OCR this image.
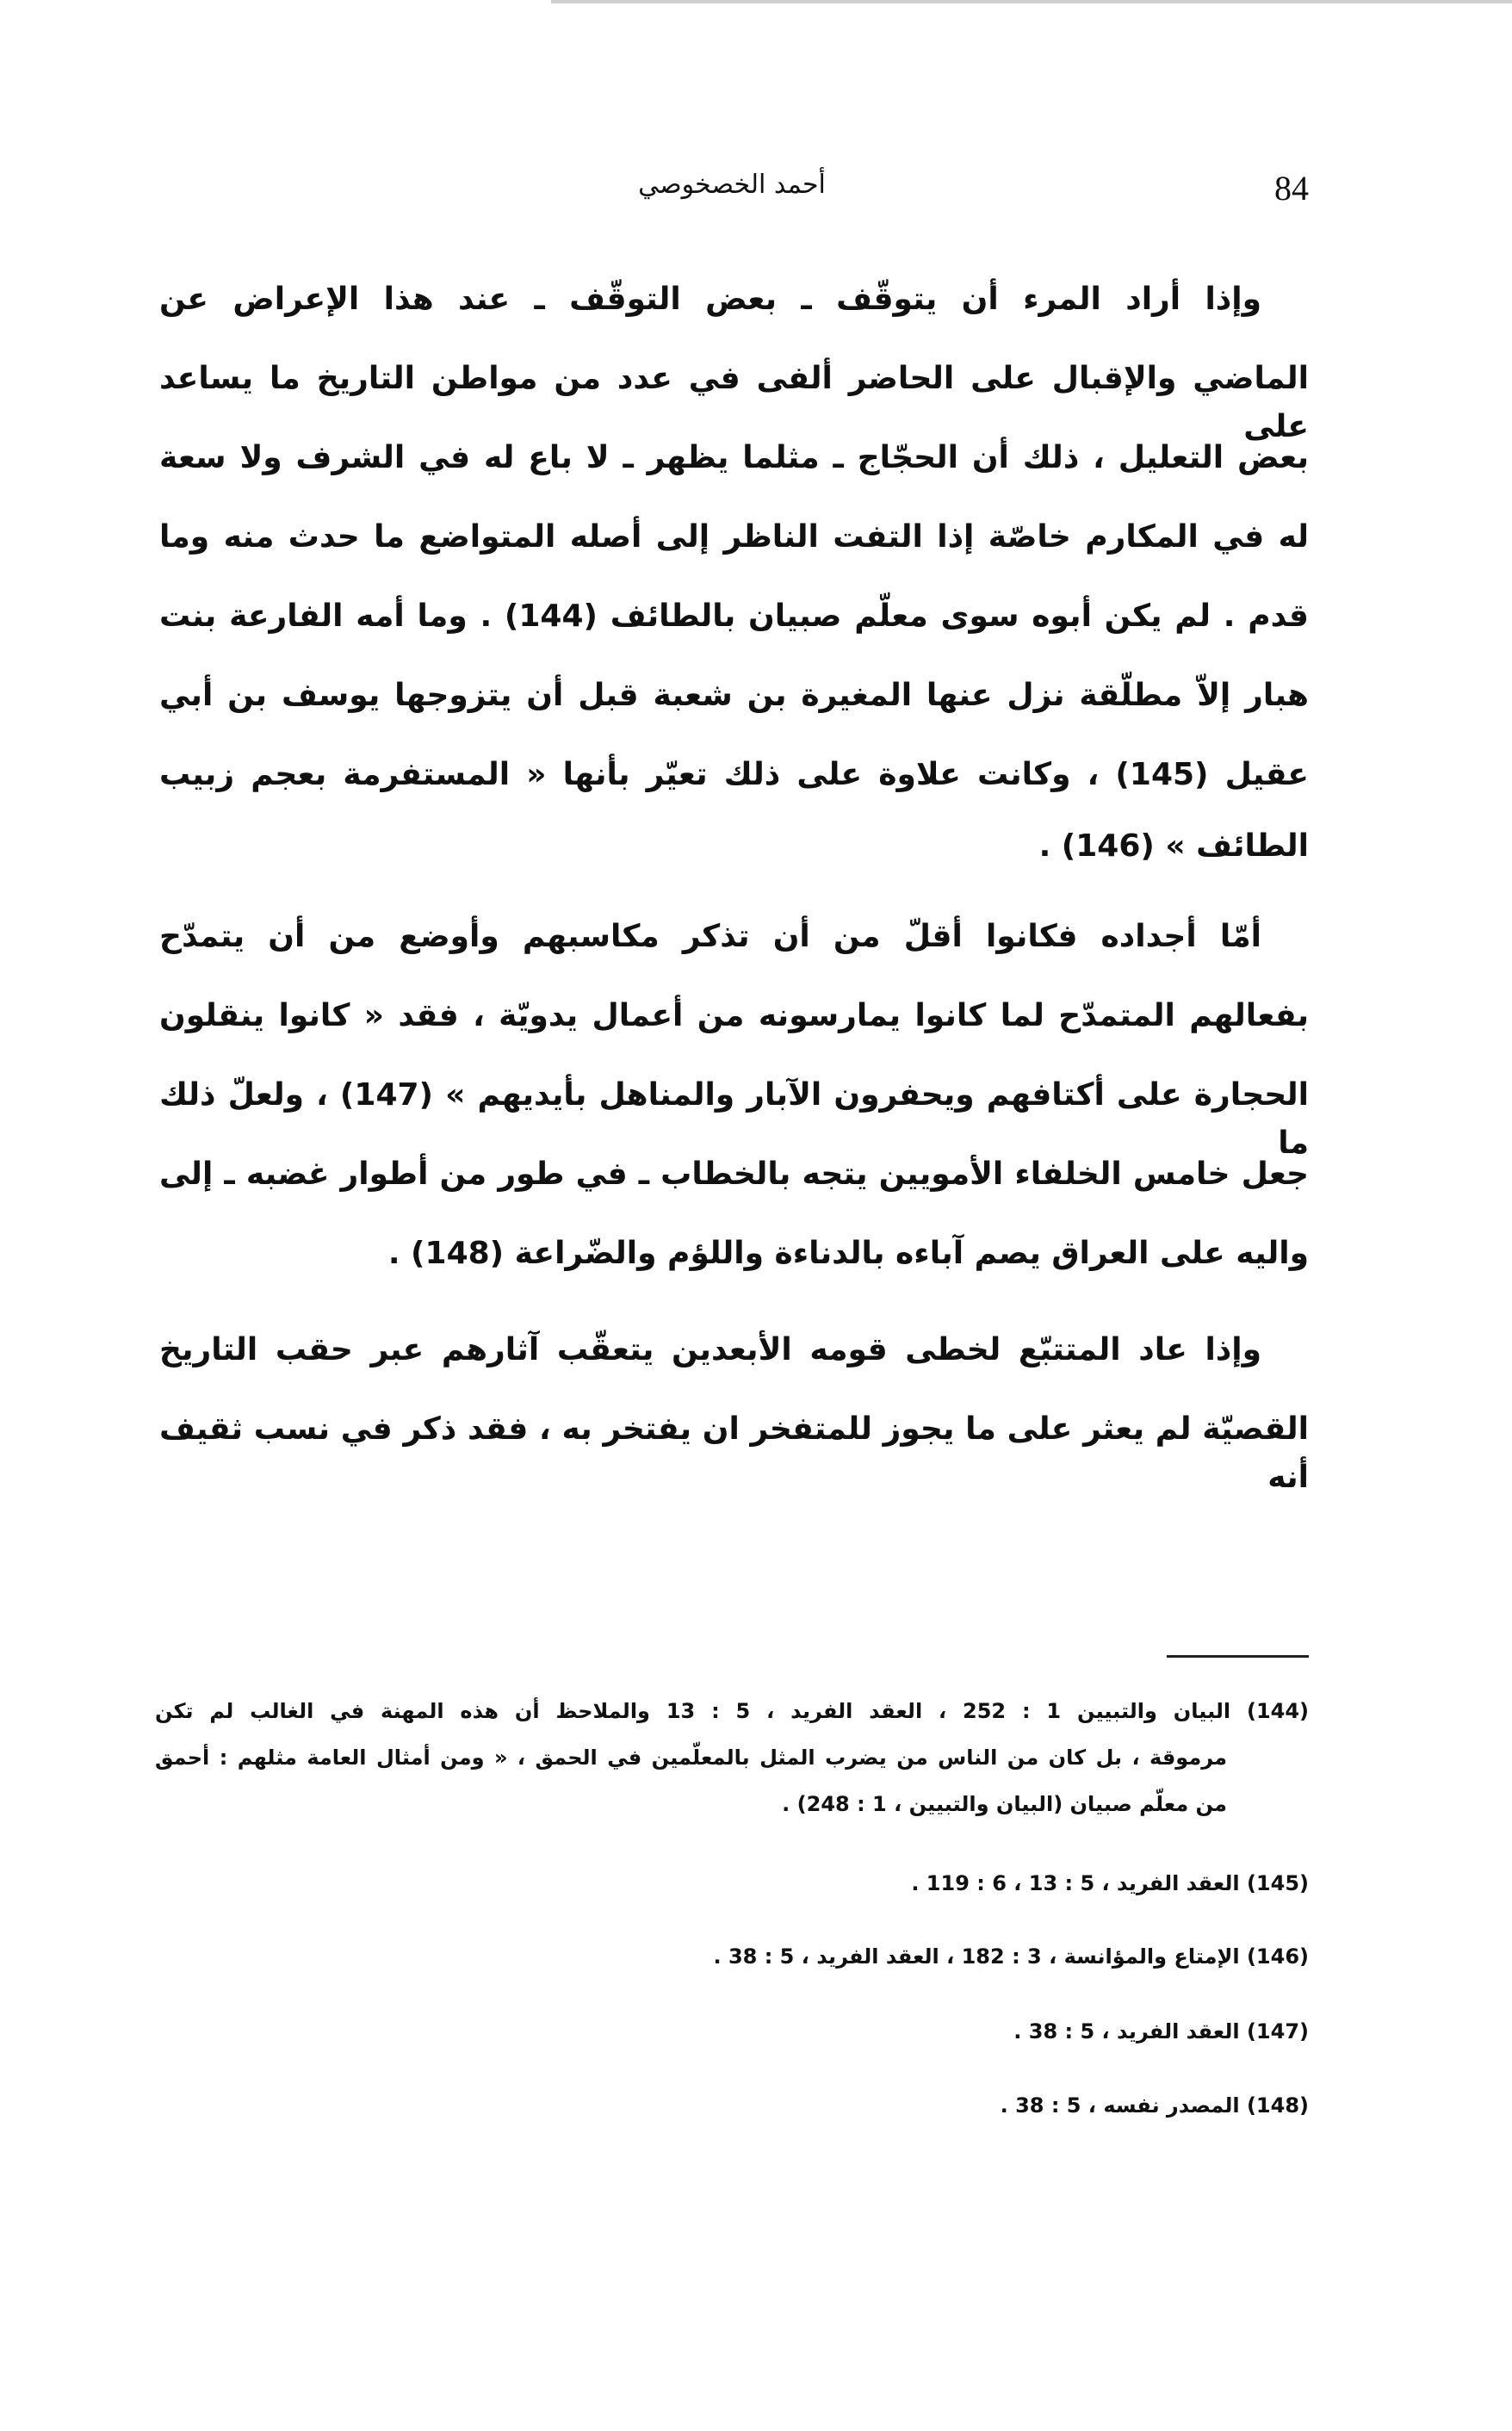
84
أحمد الخصخوصي
وإذا أراد المرء أن يتوقّف ـ بعض التوقّف ـ عند هذا الإعراض عن
الماضي والإقبال على الحاضر ألفى في عدد من مواطن التاريخ ما يساعد على
بعض التعليل ، ذلك أن الحجّاج ـ مثلما يظهر ـ لا باع له في الشرف ولا سعة
له في المكارم خاصّة إذا التفت الناظر إلى أصله المتواضع ما حدث منه وما
قدم . لم يكن أبوه سوى معلّم صبيان بالطائف (144) . وما أمه الفارعة بنت
هبار إلاّ مطلّقة نزل عنها المغيرة بن شعبة قبل أن يتزوجها يوسف بن أبي
عقيل (145) ، وكانت علاوة على ذلك تعيّر بأنها « المستفرمة بعجم زبيب
الطائف » (146) .
أمّا أجداده فكانوا أقلّ من أن تذكر مكاسبهم وأوضع من أن يتمدّح
بفعالهم المتمدّح لما كانوا يمارسونه من أعمال يدويّة ، فقد « كانوا ينقلون
الحجارة على أكتافهم ويحفرون الآبار والمناهل بأيديهم » (147) ، ولعلّ ذلك ما
جعل خامس الخلفاء الأمويين يتجه بالخطاب ـ في طور من أطوار غضبه ـ إلى
واليه على العراق يصم آباءه بالدناءة واللؤم والضّراعة (148) .
وإذا عاد المتتبّع لخطى قومه الأبعدين يتعقّب آثارهم عبر حقب التاريخ
القصيّة لم يعثر على ما يجوز للمتفخر ان يفتخر به ، فقد ذكر في نسب ثقيف أنه
(144) البيان والتبيين 1 : 252 ، العقد الفريد ، 5 : 13 والملاحظ أن هذه المهنة في الغالب لم تكن
مرموقة ، بل كان من الناس من يضرب المثل بالمعلّمين في الحمق ، « ومن أمثال العامة مثلهم : أحمق
من معلّم صبيان (البيان والتبيين ، 1 : 248) .
(145) العقد الفريد ، 5 : 13 ، 6 : 119 .
(146) الإمتاع والمؤانسة ، 3 : 182 ، العقد الفريد ، 5 : 38 .
(147) العقد الفريد ، 5 : 38 .
(148) المصدر نفسه ، 5 : 38 .
